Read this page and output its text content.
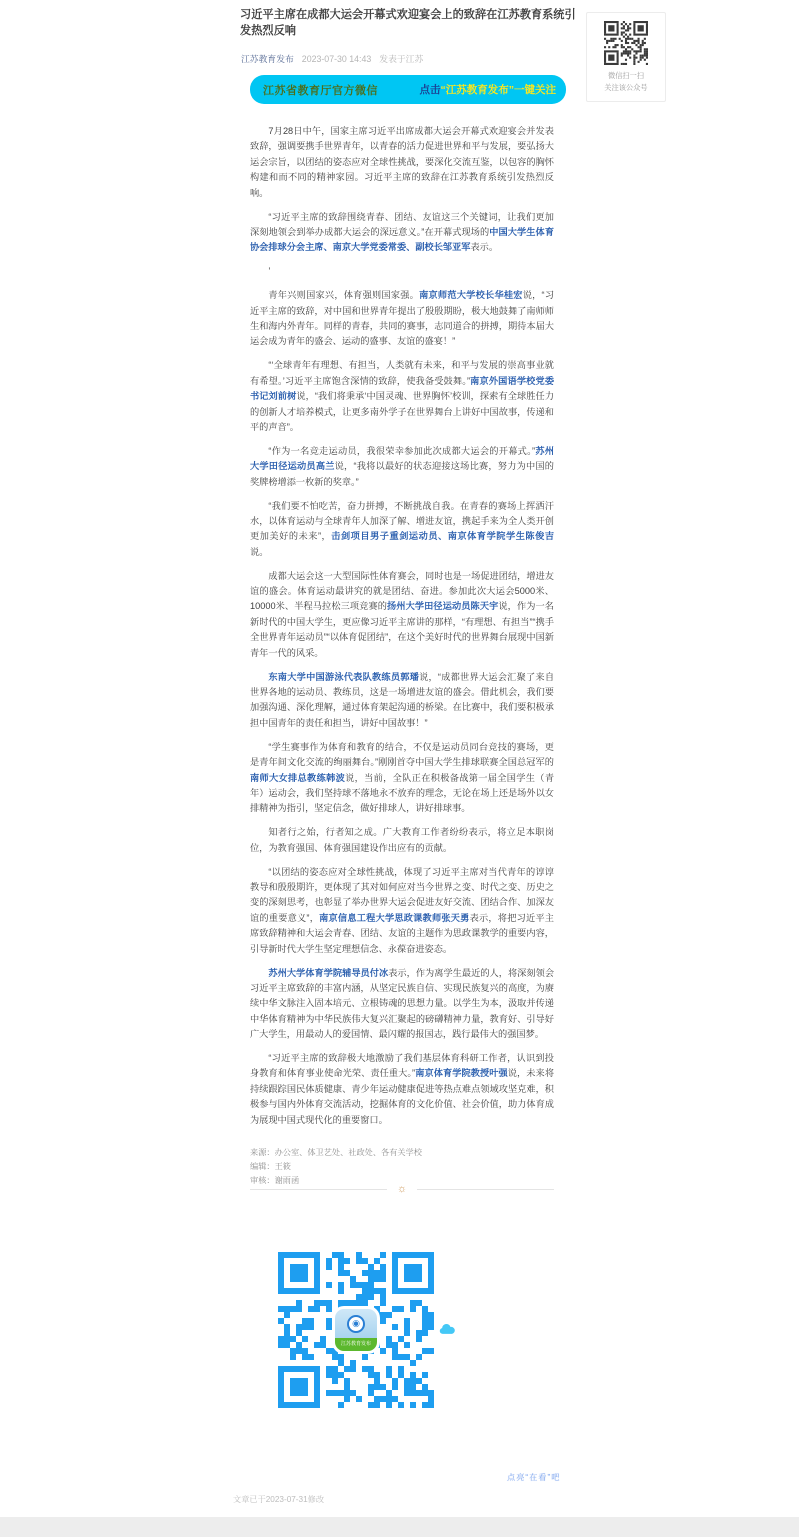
习近平主席在成都大运会开幕式欢迎宴会上的致辞在江苏教育系统引发热烈反响
江苏教育发布 2023-07-30 14:43 发表于江苏
微信扫一扫
关注该公众号
江苏省教育厅官方微信	点击“江苏教育发布”一键关注

7月28日中午，国家主席习近平出席成都大运会开幕式欢迎宴会并发表致辞，强调要携手世界青年，以青春的活力促进世界和平与发展，要弘扬大运会宗旨，以团结的姿态应对全球性挑战，要深化交流互鉴，以包容的胸怀构建和而不同的精神家园。习近平主席的致辞在江苏教育系统引发热烈反响。

“习近平主席的致辞围绕青春、团结、友谊这三个关键词，让我们更加深刻地领会到举办成都大运会的深远意义。”在开幕式现场的中国大学生体育协会排球分会主席、南京大学党委常委、副校长邹亚军表示。

’

青年兴则国家兴，体育强则国家强。南京师范大学校长华桂宏说，“习近平主席的致辞，对中国和世界青年提出了殷殷期盼，极大地鼓舞了南师师生和海内外青年。同样的青春，共同的赛事，志同道合的拼搏，期待本届大运会成为青年的盛会、运动的盛事、友谊的盛宴！”

“‘全球青年有理想、有担当，人类就有未来，和平与发展的崇高事业就有希望。’习近平主席饱含深情的致辞，使我备受鼓舞。”南京外国语学校党委书记刘前树说，“我们将秉承‘中国灵魂、世界胸怀’校训，探索有全球胜任力的创新人才培养模式，让更多南外学子在世界舞台上讲好中国故事，传递和平的声音”。

“作为一名竞走运动员，我很荣幸参加此次成都大运会的开幕式。”苏州大学田径运动员高兰说，“我将以最好的状态迎接这场比赛，努力为中国的奖牌榜增添一枚新的奖章。”

“我们要不怕吃苦，奋力拼搏，不断挑战自我。在青春的赛场上挥洒汗水，以体育运动与全球青年人加深了解、增进友谊，携起手来为全人类开创更加美好的未来”，击剑项目男子重剑运动员、南京体育学院学生陈俊吉说。

成都大运会这一大型国际性体育赛会，同时也是一场促进团结，增进友谊的盛会。体育运动最讲究的就是团结、奋进。参加此次大运会5000米、10000米、半程马拉松三项竞赛的扬州大学田径运动员陈天宇说，作为一名新时代的中国大学生，更应像习近平主席讲的那样，“有理想、有担当”“携手全世界青年运动员”“以体育促团结”，在这个美好时代的世界舞台展现中国新青年一代的风采。

东南大学中国游泳代表队教练员郭璠说，“成都世界大运会汇聚了来自世界各地的运动员、教练员，这是一场增进友谊的盛会。借此机会，我们要加强沟通、深化理解，通过体育架起沟通的桥梁。在比赛中，我们要积极承担中国青年的责任和担当，讲好中国故事！”

“学生赛事作为体育和教育的结合，不仅是运动员同台竞技的赛场，更是青年间文化交流的绚丽舞台。”刚刚首夺中国大学生排球联赛全国总冠军的南师大女排总教练韩波说，当前，全队正在积极备战第一届全国学生（青年）运动会，我们坚持球不落地永不放弃的理念，无论在场上还是场外以女排精神为指引，坚定信念，做好排球人，讲好排球事。

知者行之始，行者知之成。广大教育工作者纷纷表示，将立足本职岗位，为教育强国、体育强国建设作出应有的贡献。

“以团结的姿态应对全球性挑战，体现了习近平主席对当代青年的谆谆教导和殷殷期许，更体现了其对如何应对当今世界之变、时代之变、历史之变的深刻思考，也彰显了举办世界大运会促进友好交流、团结合作、加深友谊的重要意义”，南京信息工程大学思政课教师张天勇表示，将把习近平主席致辞精神和大运会青春、团结、友谊的主题作为思政课教学的重要内容，引导新时代大学生坚定理想信念、永葆奋进姿态。

苏州大学体育学院辅导员付冰表示，作为离学生最近的人，将深刻领会习近平主席致辞的丰富内涵，从坚定民族自信、实现民族复兴的高度，为赓续中华文脉注入固本培元、立根铸魂的思想力量。以学生为本，汲取并传递中华体育精神为中华民族伟大复兴汇聚起的磅礴精神力量，教育好、引导好广大学生，用最动人的爱国情、最闪耀的报国志，践行最伟大的强国梦。

“习近平主席的致辞极大地激励了我们基层体育科研工作者，认识到投身教育和体育事业使命光荣、责任重大。”南京体育学院教授叶强说，未来将持续跟踪国民体质健康、青少年运动健康促进等热点难点领域攻坚克难，积极参与国内外体育交流活动，挖掘体育的文化价值、社会价值，助力体育成为展现中国式现代化的重要窗口。

来源：办公室、体卫艺处、社政处、各有关学校
编辑：王筱
审核：谢雨函
☼
◉
江苏教育发布
点亮“在看”吧
文章已于2023-07-31修改
